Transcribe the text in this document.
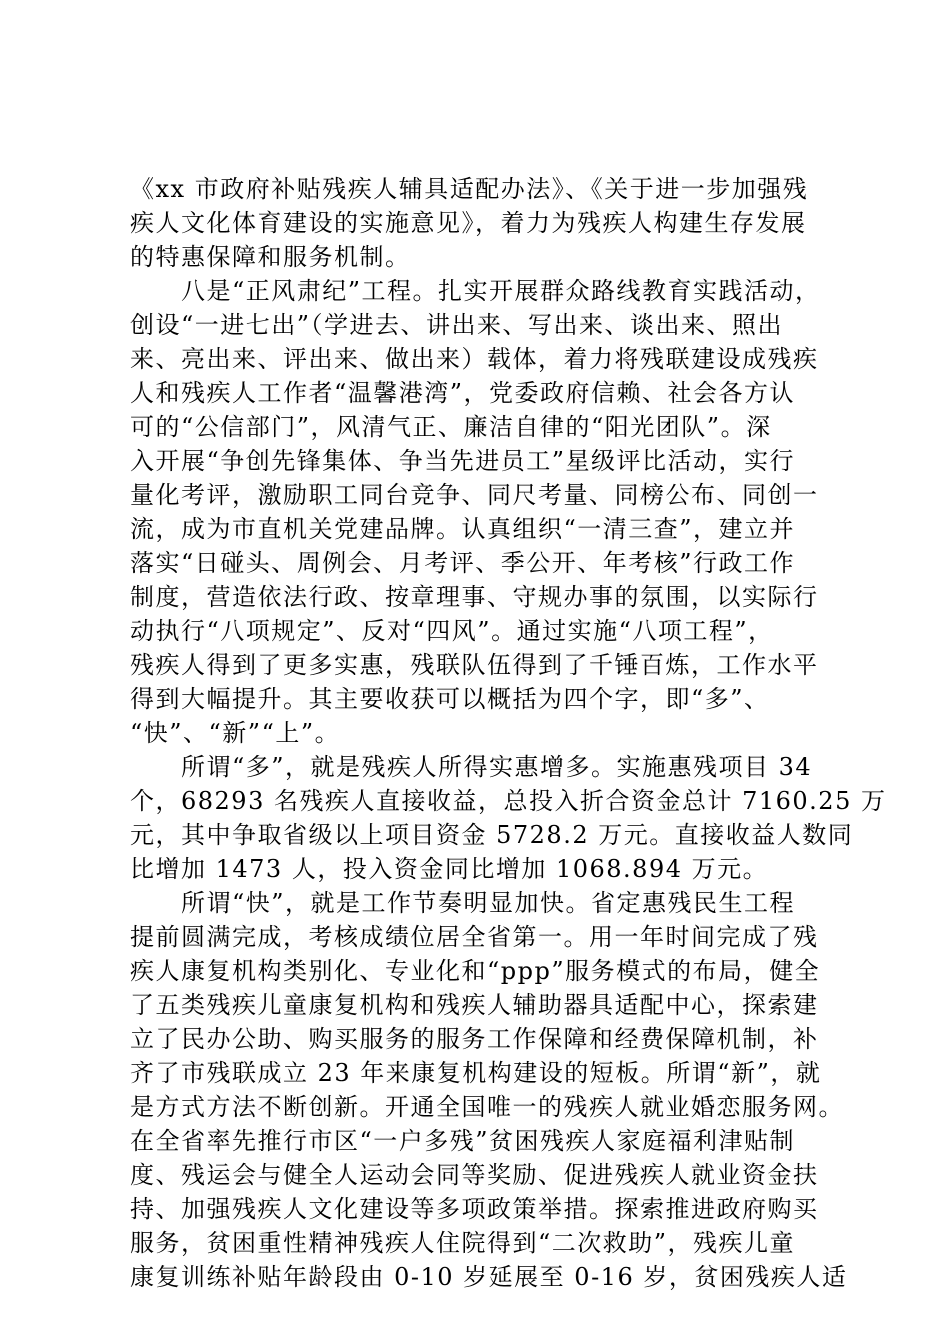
《xx 市政府补贴残疾人辅具适配办法》、《关于进一步加强残
疾人文化体育建设的实施意见》，着力为残疾人构建生存发展
的特惠保障和服务机制。
　　八是“正风肃纪”工程。扎实开展群众路线教育实践活动，
创设“一进七出”（学进去、讲出来、写出来、谈出来、照出
来、亮出来、评出来、做出来）载体，着力将残联建设成残疾
人和残疾人工作者“温馨港湾”，党委政府信赖、社会各方认
可的“公信部门”，风清气正、廉洁自律的“阳光团队”。深
入开展“争创先锋集体、争当先进员工”星级评比活动，实行
量化考评，激励职工同台竞争、同尺考量、同榜公布、同创一
流，成为市直机关党建品牌。认真组织“一清三查”，建立并
落实“日碰头、周例会、月考评、季公开、年考核”行政工作
制度，营造依法行政、按章理事、守规办事的氛围，以实际行
动执行“八项规定”、反对“四风”。通过实施“八项工程”，
残疾人得到了更多实惠，残联队伍得到了千锤百炼，工作水平
得到大幅提升。其主要收获可以概括为四个字，即“多”、
“快”、“新”“上”。
　　所谓“多”，就是残疾人所得实惠增多。实施惠残项目 34
个，68293 名残疾人直接收益，总投入折合资金总计 7160.25 万
元，其中争取省级以上项目资金 5728.2 万元。直接收益人数同
比增加 1473 人，投入资金同比增加 1068.894 万元。
　　所谓“快”，就是工作节奏明显加快。省定惠残民生工程
提前圆满完成，考核成绩位居全省第一。用一年时间完成了残
疾人康复机构类别化、专业化和“ppp”服务模式的布局，健全
了五类残疾儿童康复机构和残疾人辅助器具适配中心，探索建
立了民办公助、购买服务的服务工作保障和经费保障机制，补
齐了市残联成立 23 年来康复机构建设的短板。所谓“新”，就
是方式方法不断创新。开通全国唯一的残疾人就业婚恋服务网。
在全省率先推行市区“一户多残”贫困残疾人家庭福利津贴制
度、残运会与健全人运动会同等奖励、促进残疾人就业资金扶
持、加强残疾人文化建设等多项政策举措。探索推进政府购买
服务，贫困重性精神残疾人住院得到“二次救助”，残疾儿童
康复训练补贴年龄段由 0-10 岁延展至 0-16 岁，贫困残疾人适
